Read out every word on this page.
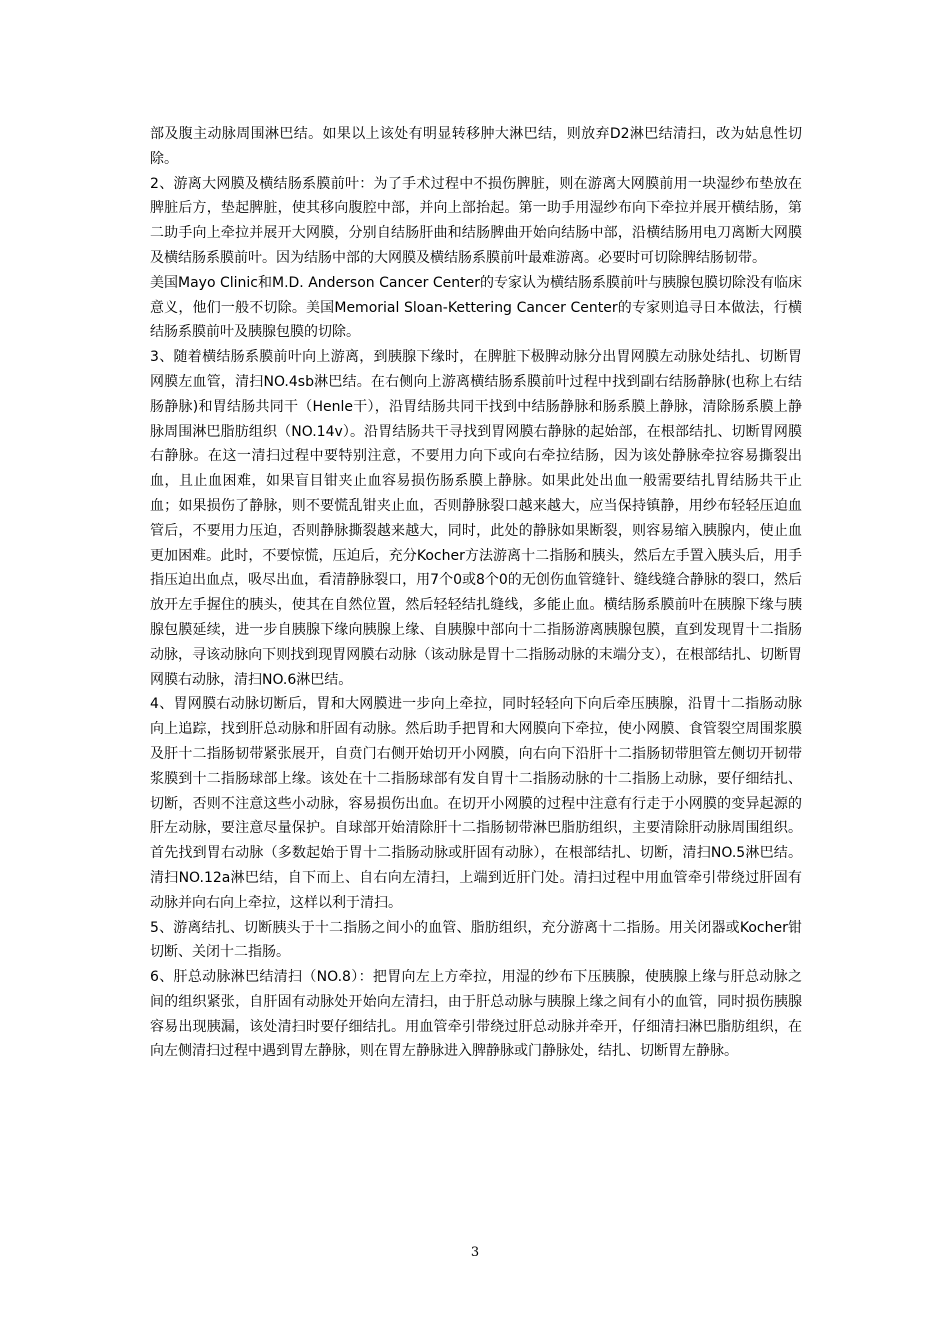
部及腹主动脉周围淋巴结。如果以上该处有明显转移肿大淋巴结，则放弃D2淋巴结清扫，改为姑息性切除。

2、游离大网膜及横结肠系膜前叶：为了手术过程中不损伤脾脏，则在游离大网膜前用一块湿纱布垫放在脾脏后方，垫起脾脏，使其移向腹腔中部，并向上部抬起。第一助手用湿纱布向下牵拉并展开横结肠，第二助手向上牵拉并展开大网膜，分别自结肠肝曲和结肠脾曲开始向结肠中部，沿横结肠用电刀离断大网膜及横结肠系膜前叶。因为结肠中部的大网膜及横结肠系膜前叶最难游离。必要时可切除脾结肠韧带。

美国Mayo Clinic和M.D. Anderson Cancer Center的专家认为横结肠系膜前叶与胰腺包膜切除没有临床意义，他们一般不切除。美国Memorial Sloan-Kettering Cancer Center的专家则追寻日本做法，行横结肠系膜前叶及胰腺包膜的切除。

3、随着横结肠系膜前叶向上游离，到胰腺下缘时，在脾脏下极脾动脉分出胃网膜左动脉处结扎、切断胃网膜左血管，清扫NO.4sb淋巴结。在右侧向上游离横结肠系膜前叶过程中找到副右结肠静脉(也称上右结肠静脉)和胃结肠共同干（Henle干），沿胃结肠共同干找到中结肠静脉和肠系膜上静脉，清除肠系膜上静脉周围淋巴脂肪组织（NO.14v）。沿胃结肠共干寻找到胃网膜右静脉的起始部，在根部结扎、切断胃网膜右静脉。在这一清扫过程中要特别注意，不要用力向下或向右牵拉结肠，因为该处静脉牵拉容易撕裂出血，且止血困难，如果盲目钳夹止血容易损伤肠系膜上静脉。如果此处出血一般需要结扎胃结肠共干止血；如果损伤了静脉，则不要慌乱钳夹止血，否则静脉裂口越来越大，应当保持镇静，用纱布轻轻压迫血管后，不要用力压迫，否则静脉撕裂越来越大，同时，此处的静脉如果断裂，则容易缩入胰腺内，使止血更加困难。此时，不要惊慌，压迫后，充分Kocher方法游离十二指肠和胰头，然后左手置入胰头后，用手指压迫出血点，吸尽出血，看清静脉裂口，用7个0或8个0的无创伤血管缝针、缝线缝合静脉的裂口，然后放开左手握住的胰头，使其在自然位置，然后轻轻结扎缝线，多能止血。横结肠系膜前叶在胰腺下缘与胰腺包膜延续，进一步自胰腺下缘向胰腺上缘、自胰腺中部向十二指肠游离胰腺包膜，直到发现胃十二指肠动脉，寻该动脉向下则找到现胃网膜右动脉（该动脉是胃十二指肠动脉的末端分支），在根部结扎、切断胃网膜右动脉，清扫NO.6淋巴结。

4、胃网膜右动脉切断后，胃和大网膜进一步向上牵拉，同时轻轻向下向后牵压胰腺，沿胃十二指肠动脉向上追踪，找到肝总动脉和肝固有动脉。然后助手把胃和大网膜向下牵拉，使小网膜、食管裂空周围浆膜及肝十二指肠韧带紧张展开，自贲门右侧开始切开小网膜，向右向下沿肝十二指肠韧带胆管左侧切开韧带浆膜到十二指肠球部上缘。该处在十二指肠球部有发自胃十二指肠动脉的十二指肠上动脉，要仔细结扎、切断，否则不注意这些小动脉，容易损伤出血。在切开小网膜的过程中注意有行走于小网膜的变异起源的肝左动脉，要注意尽量保护。自球部开始清除肝十二指肠韧带淋巴脂肪组织，主要清除肝动脉周围组织。首先找到胃右动脉（多数起始于胃十二指肠动脉或肝固有动脉），在根部结扎、切断，清扫NO.5淋巴结。清扫NO.12a淋巴结，自下而上、自右向左清扫，上端到近肝门处。清扫过程中用血管牵引带绕过肝固有动脉并向右向上牵拉，这样以利于清扫。

5、游离结扎、切断胰头于十二指肠之间小的血管、脂肪组织，充分游离十二指肠。用关闭器或Kocher钳切断、关闭十二指肠。

6、肝总动脉淋巴结清扫（NO.8）：把胃向左上方牵拉，用湿的纱布下压胰腺，使胰腺上缘与肝总动脉之间的组织紧张，自肝固有动脉处开始向左清扫，由于肝总动脉与胰腺上缘之间有小的血管，同时损伤胰腺容易出现胰漏，该处清扫时要仔细结扎。用血管牵引带绕过肝总动脉并牵开，仔细清扫淋巴脂肪组织，在向左侧清扫过程中遇到胃左静脉，则在胃左静脉进入脾静脉或门静脉处，结扎、切断胃左静脉。

3
